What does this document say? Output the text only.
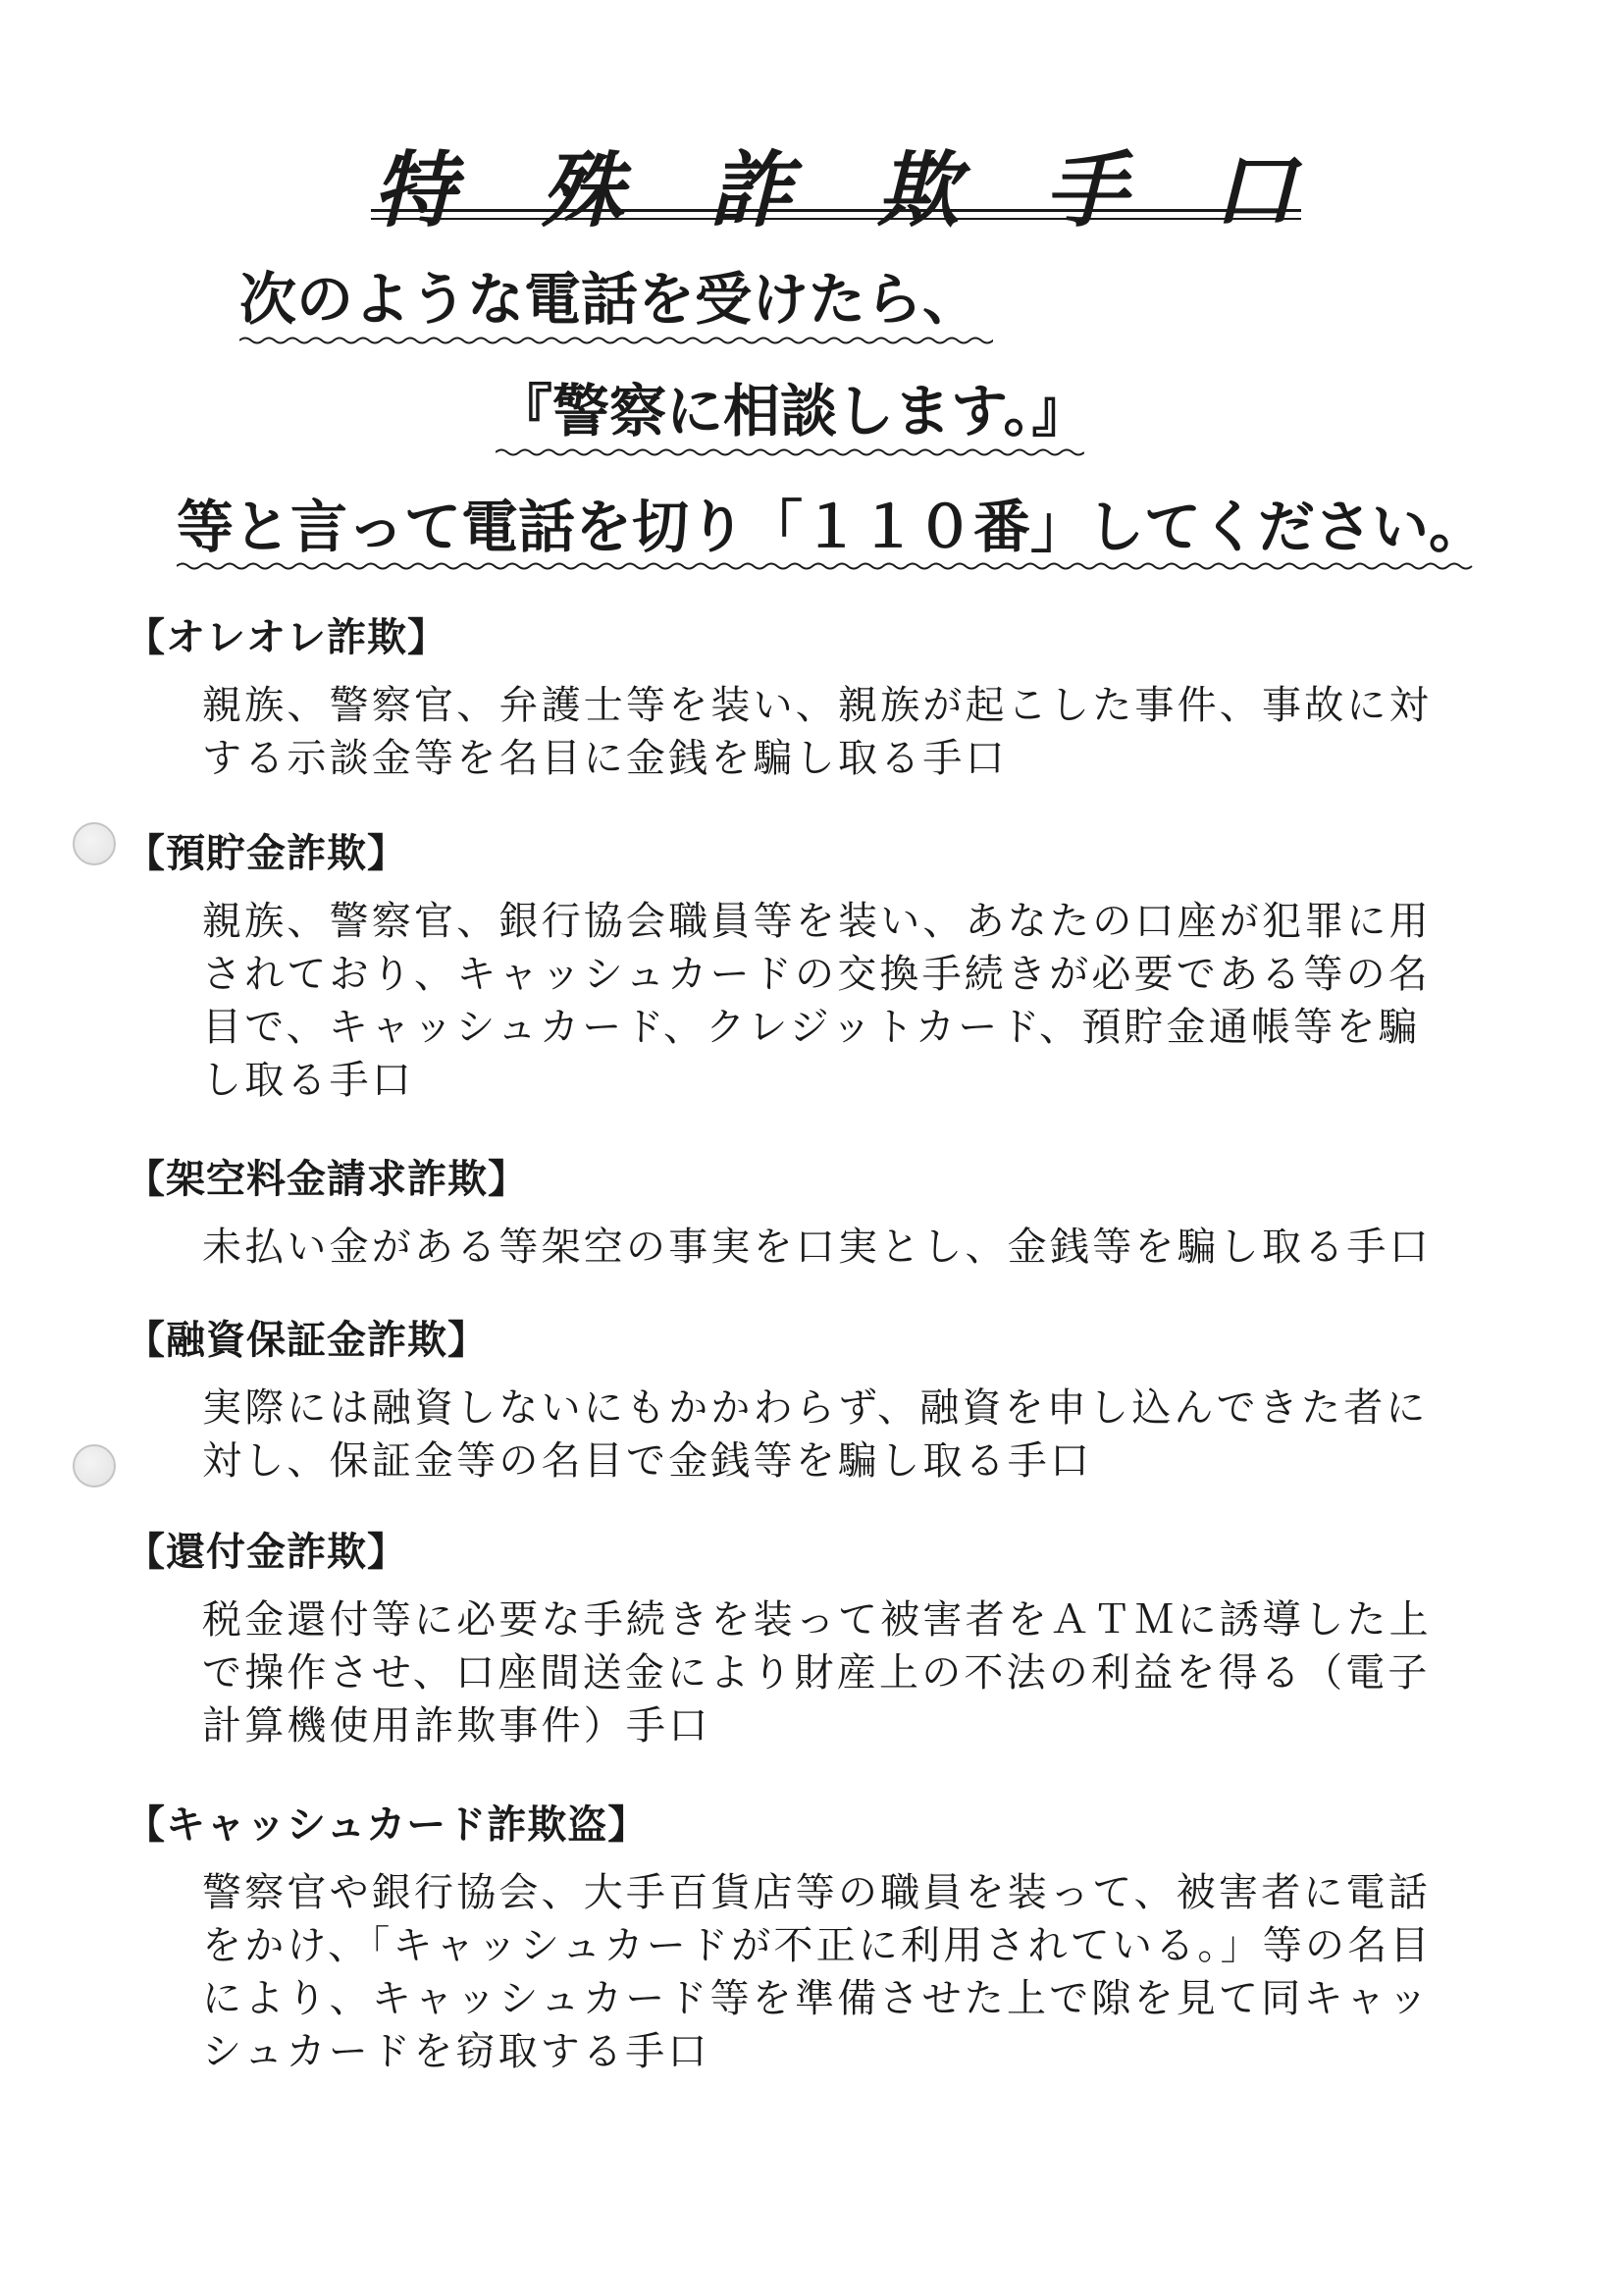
特 殊 詐 欺 手 口
次のような電話を受けたら、
『警察に相談します。』
等と言って電話を切り「１１０番」してください。
【オレオレ詐欺】
親族、警察官、弁護士等を装い、親族が起こした事件、事故に対
する示談金等を名目に金銭を騙し取る手口
【預貯金詐欺】
親族、警察官、銀行協会職員等を装い、あなたの口座が犯罪に用
されており、キャッシュカードの交換手続きが必要である等の名
目で、キャッシュカード、クレジットカード、預貯金通帳等を騙
し取る手口
【架空料金請求詐欺】
未払い金がある等架空の事実を口実とし、金銭等を騙し取る手口
【融資保証金詐欺】
実際には融資しないにもかかわらず、融資を申し込んできた者に
対し、保証金等の名目で金銭等を騙し取る手口
【還付金詐欺】
税金還付等に必要な手続きを装って被害者をＡＴＭに誘導した上
で操作させ、口座間送金により財産上の不法の利益を得る（電子
計算機使用詐欺事件）手口
【キャッシュカード詐欺盗】
警察官や銀行協会、大手百貨店等の職員を装って、被害者に電話
をかけ、「キャッシュカードが不正に利用されている。」等の名目
により、キャッシュカード等を準備させた上で隙を見て同キャッ
シュカードを窃取する手口
